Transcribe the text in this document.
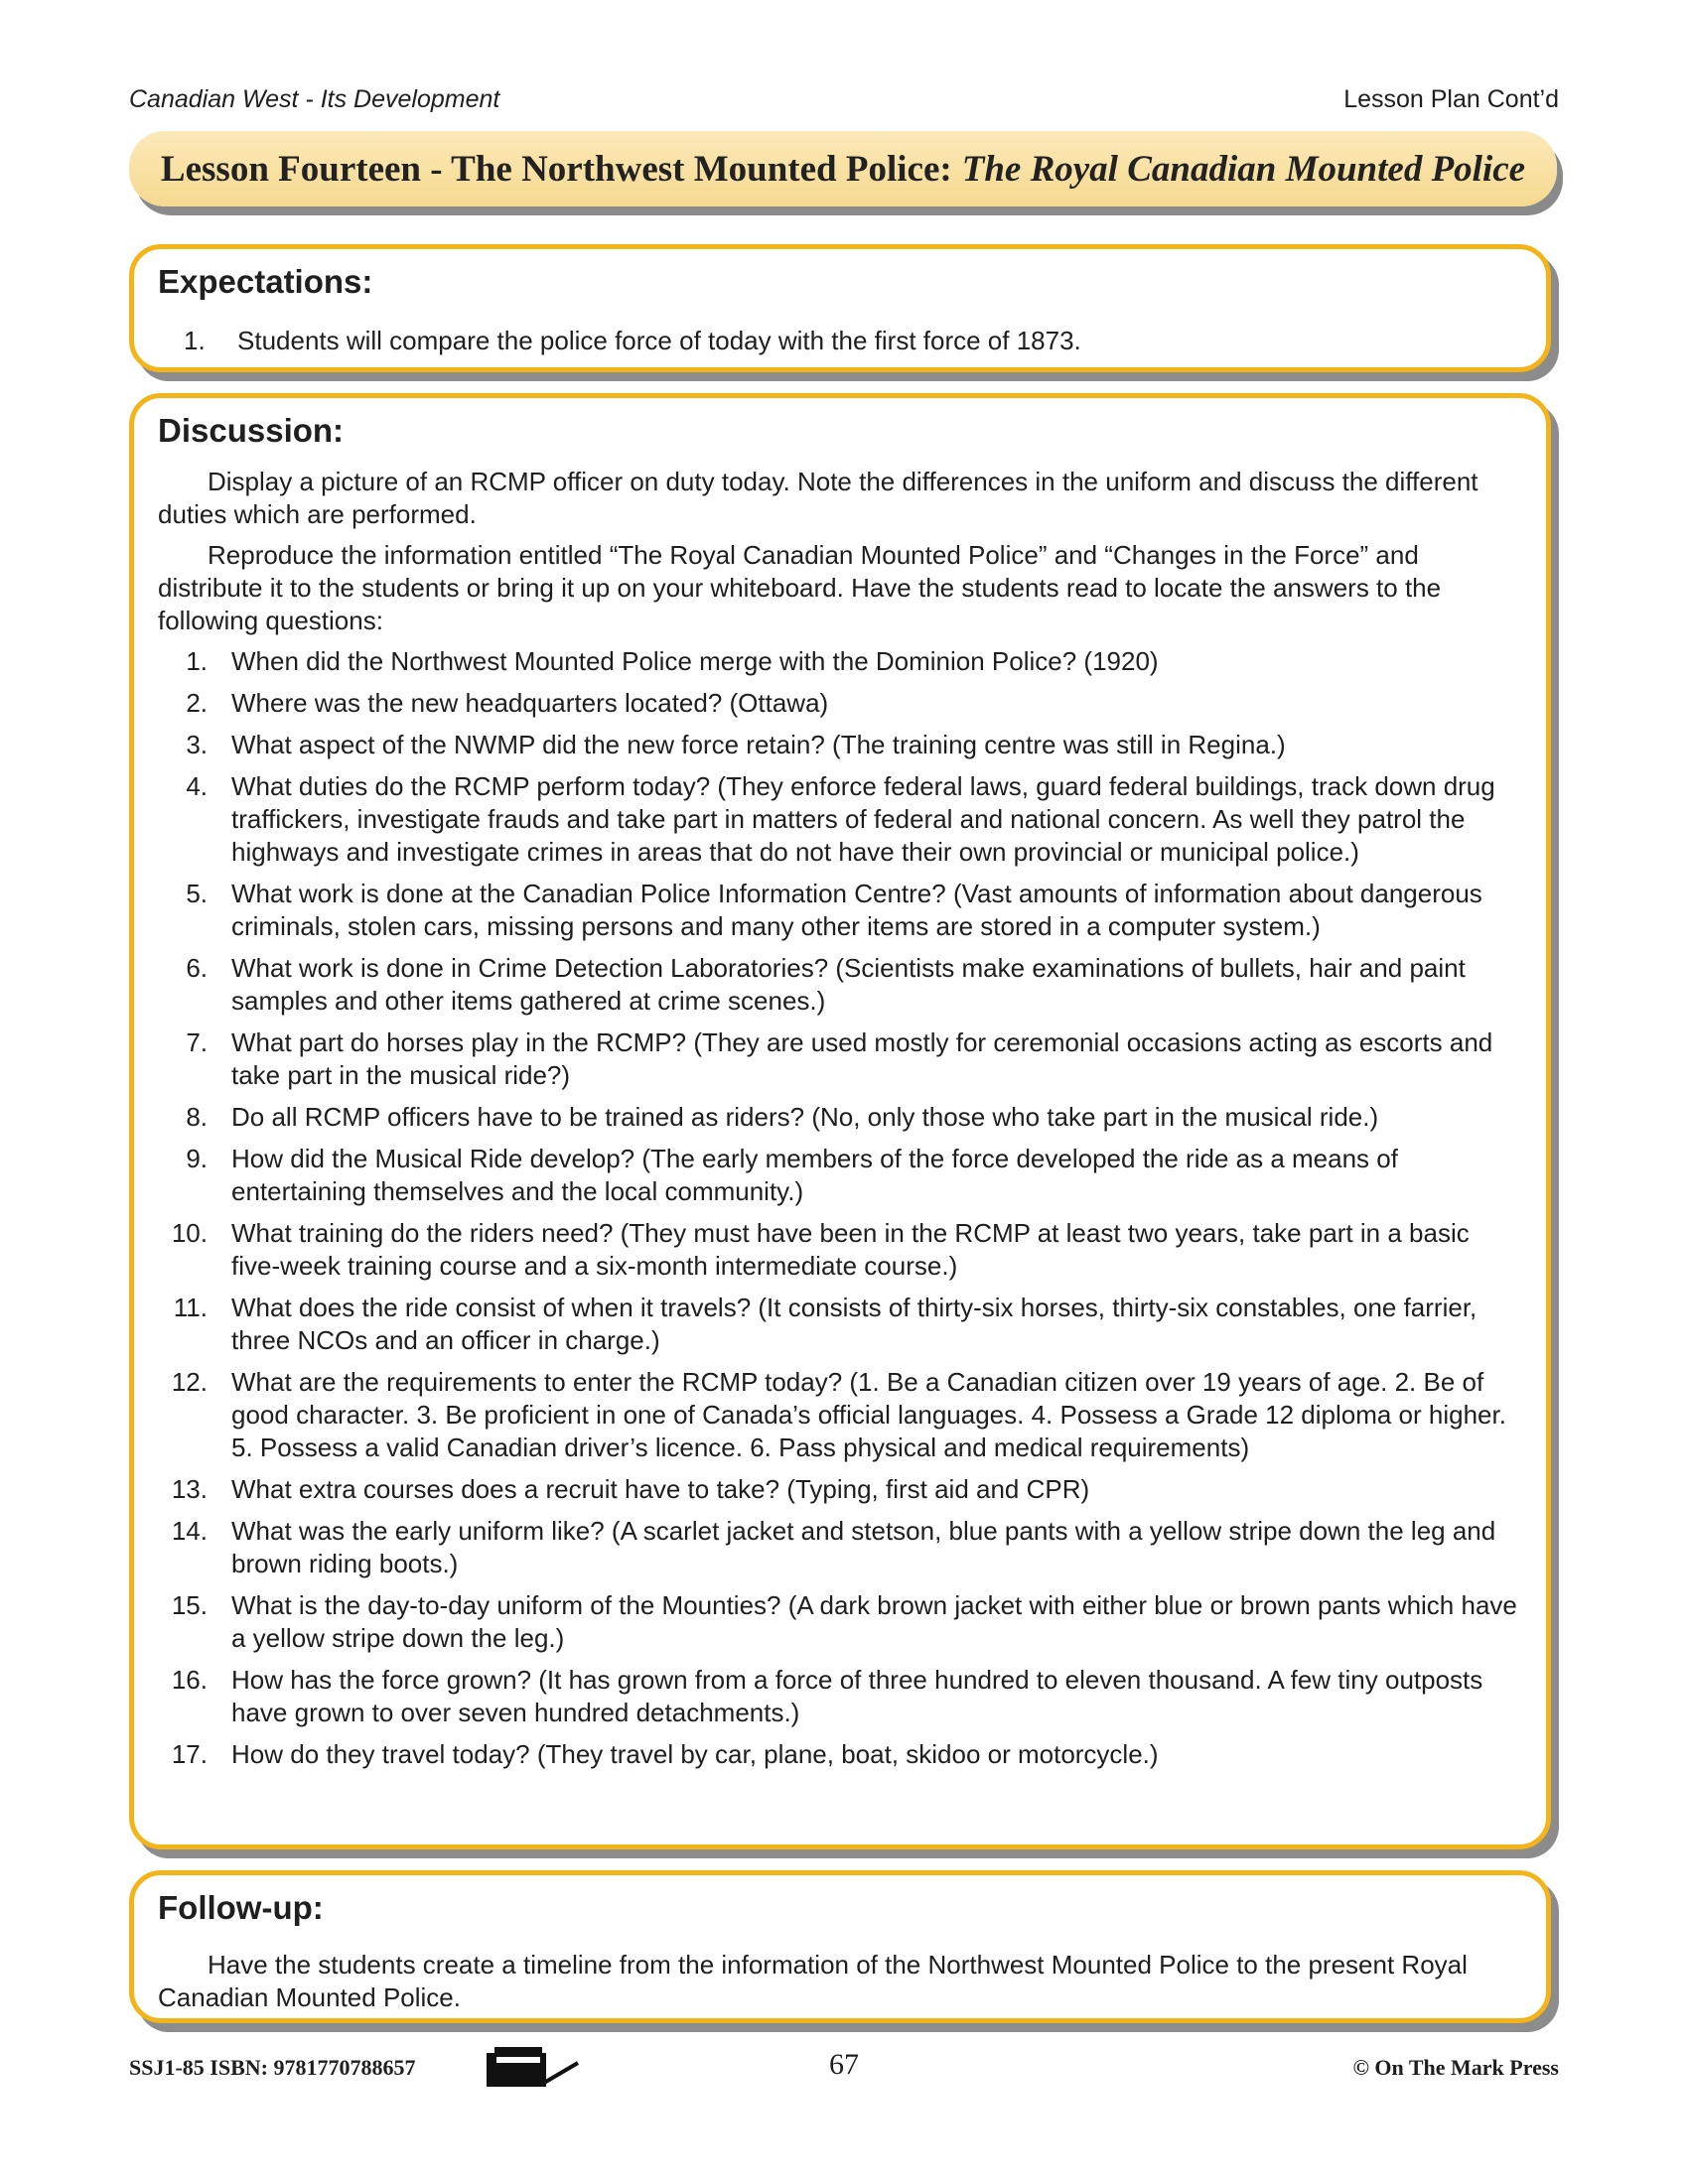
Canadian West - Its Development	Lesson Plan Cont’d
Lesson Fourteen - The Northwest Mounted Police: The Royal Canadian Mounted Police
Expectations:
1. Students will compare the police force of today with the first force of 1873.
Discussion:

Display a picture of an RCMP officer on duty today. Note the differences in the uniform and discuss the different duties which are performed.

Reproduce the information entitled “The Royal Canadian Mounted Police” and “Changes in the Force” and distribute it to the students or bring it up on your whiteboard. Have the students read to locate the answers to the following questions:

1. When did the Northwest Mounted Police merge with the Dominion Police? (1920)
2. Where was the new headquarters located? (Ottawa)
3. What aspect of the NWMP did the new force retain? (The training centre was still in Regina.)
4. What duties do the RCMP perform today? (They enforce federal laws, guard federal buildings, track down drug traffickers, investigate frauds and take part in matters of federal and national concern. As well they patrol the highways and investigate crimes in areas that do not have their own provincial or municipal police.)
5. What work is done at the Canadian Police Information Centre? (Vast amounts of information about dangerous criminals, stolen cars, missing persons and many other items are stored in a computer system.)
6. What work is done in Crime Detection Laboratories? (Scientists make examinations of bullets, hair and paint samples and other items gathered at crime scenes.)
7. What part do horses play in the RCMP? (They are used mostly for ceremonial occasions acting as escorts and take part in the musical ride?)
8. Do all RCMP officers have to be trained as riders? (No, only those who take part in the musical ride.)
9. How did the Musical Ride develop? (The early members of the force developed the ride as a means of entertaining themselves and the local community.)
10. What training do the riders need? (They must have been in the RCMP at least two years, take part in a basic five-week training course and a six-month intermediate course.)
11. What does the ride consist of when it travels? (It consists of thirty-six horses, thirty-six constables, one farrier, three NCOs and an officer in charge.)
12. What are the requirements to enter the RCMP today? (1. Be a Canadian citizen over 19 years of age. 2. Be of good character. 3. Be proficient in one of Canada’s official languages. 4. Possess a Grade 12 diploma or higher. 5. Possess a valid Canadian driver’s licence. 6. Pass physical and medical requirements)
13. What extra courses does a recruit have to take? (Typing, first aid and CPR)
14. What was the early uniform like? (A scarlet jacket and stetson, blue pants with a yellow stripe down the leg and brown riding boots.)
15. What is the day-to-day uniform of the Mounties? (A dark brown jacket with either blue or brown pants which have a yellow stripe down the leg.)
16. How has the force grown? (It has grown from a force of three hundred to eleven thousand. A few tiny outposts have grown to over seven hundred detachments.)
17. How do they travel today? (They travel by car, plane, boat, skidoo or motorcycle.)
Follow-up:

Have the students create a timeline from the information of the Northwest Mounted Police to the present Royal Canadian Mounted Police.

SSJ1-85 ISBN: 9781770788657	67	© On The Mark Press
